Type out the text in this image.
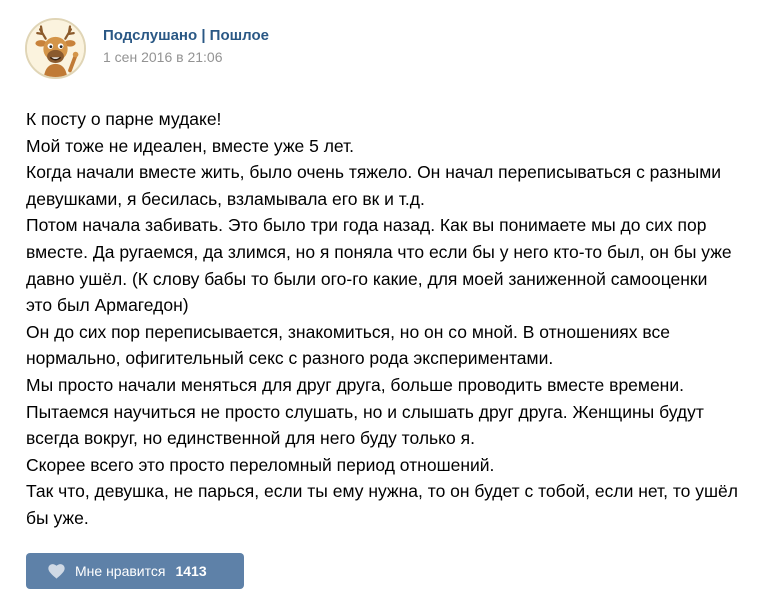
Подслушано | Пошлое
1 сен 2016 в 21:06
К посту о парне мудаке!
Мой тоже не идеален, вместе уже 5 лет.
Когда начали вместе жить, было очень тяжело. Он начал переписываться с разными
девушками, я бесилась, взламывала его вк и т.д.
Потом начала забивать. Это было три года назад. Как вы понимаете мы до сих пор
вместе. Да ругаемся, да злимся, но я поняла что если бы у него кто-то был, он бы уже
давно ушёл. (К слову бабы то были ого-го какие, для моей заниженной самооценки
это был Армагедон)
Он до сих пор переписывается, знакомиться, но он со мной. В отношениях все
нормально, офигительный секс с разного рода экспериментами.
Мы просто начали меняться для друг друга, больше проводить вместе времени.
Пытаемся научиться не просто слушать, но и слышать друг друга. Женщины будут
всегда вокруг, но единственной для него буду только я.
Скорее всего это просто переломный период отношений.
Так что, девушка, не парься, если ты ему нужна, то он будет с тобой, если нет, то ушёл
бы уже.
Мне нравится 1413
